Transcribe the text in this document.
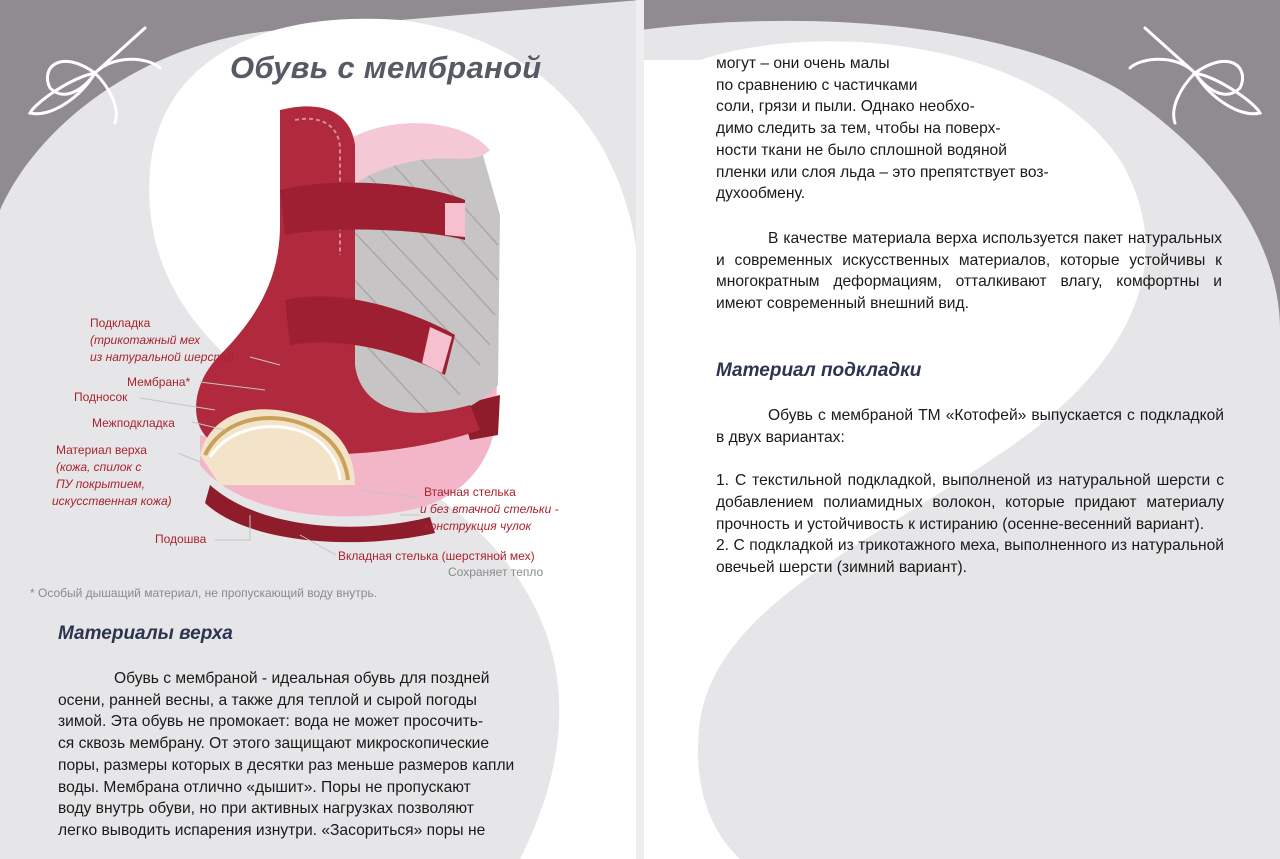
Обувь с мембраной
Подкладка
(трикотажный мех
из натуральной шерсти)
Мембрана*
Подносок
Межподкладка
Материал верха
(кожа, спилок с
ПУ покрытием,
искусственная кожа)
Подошва
Втачная стелька
и без втачной стельки -
конструкция чулок
Вкладная стелька (шерстяной мех)
Сохраняет тепло
* Особый дышащий материал, не пропускающий воду внутрь.
Материалы верха
Обувь с мембраной - идеальная обувь для поздней
осени, ранней весны, а также для теплой и сырой погоды
зимой. Эта обувь не промокает: вода не может просочить-
ся сквозь мембрану. От этого защищают микроскопические
поры, размеры которых в десятки раз меньше размеров капли
воды. Мембрана отлично «дышит». Поры не пропускают
воду внутрь обуви, но при активных нагрузках позволяют
легко выводить испарения изнутри. «Засориться» поры не
могут – они очень малы
по сравнению с частичками
соли, грязи и пыли. Однако необхо-
димо следить за тем, чтобы на поверх-
ности ткани не было сплошной водяной
пленки или слоя льда – это препятствует воз-
духообмену.

В качестве материала верха используется пакет натуральных и современных искусственных материалов, которые устойчивы к многократным деформациям, отталкивают влагу, комфортны и имеют современный внешний вид.

Материал подкладки

Обувь с мембраной ТМ «Котофей» выпускается с подкладкой в двух вариантах:

1. С текстильной подкладкой, выполненой из натуральной шерсти с добавлением полиамидных волокон, которые придают материалу прочность и устойчивость к истиранию (осенне-весенний вариант).

2. С подкладкой из трикотажного меха, выполненного из натуральной овечьей шерсти (зимний вариант).
